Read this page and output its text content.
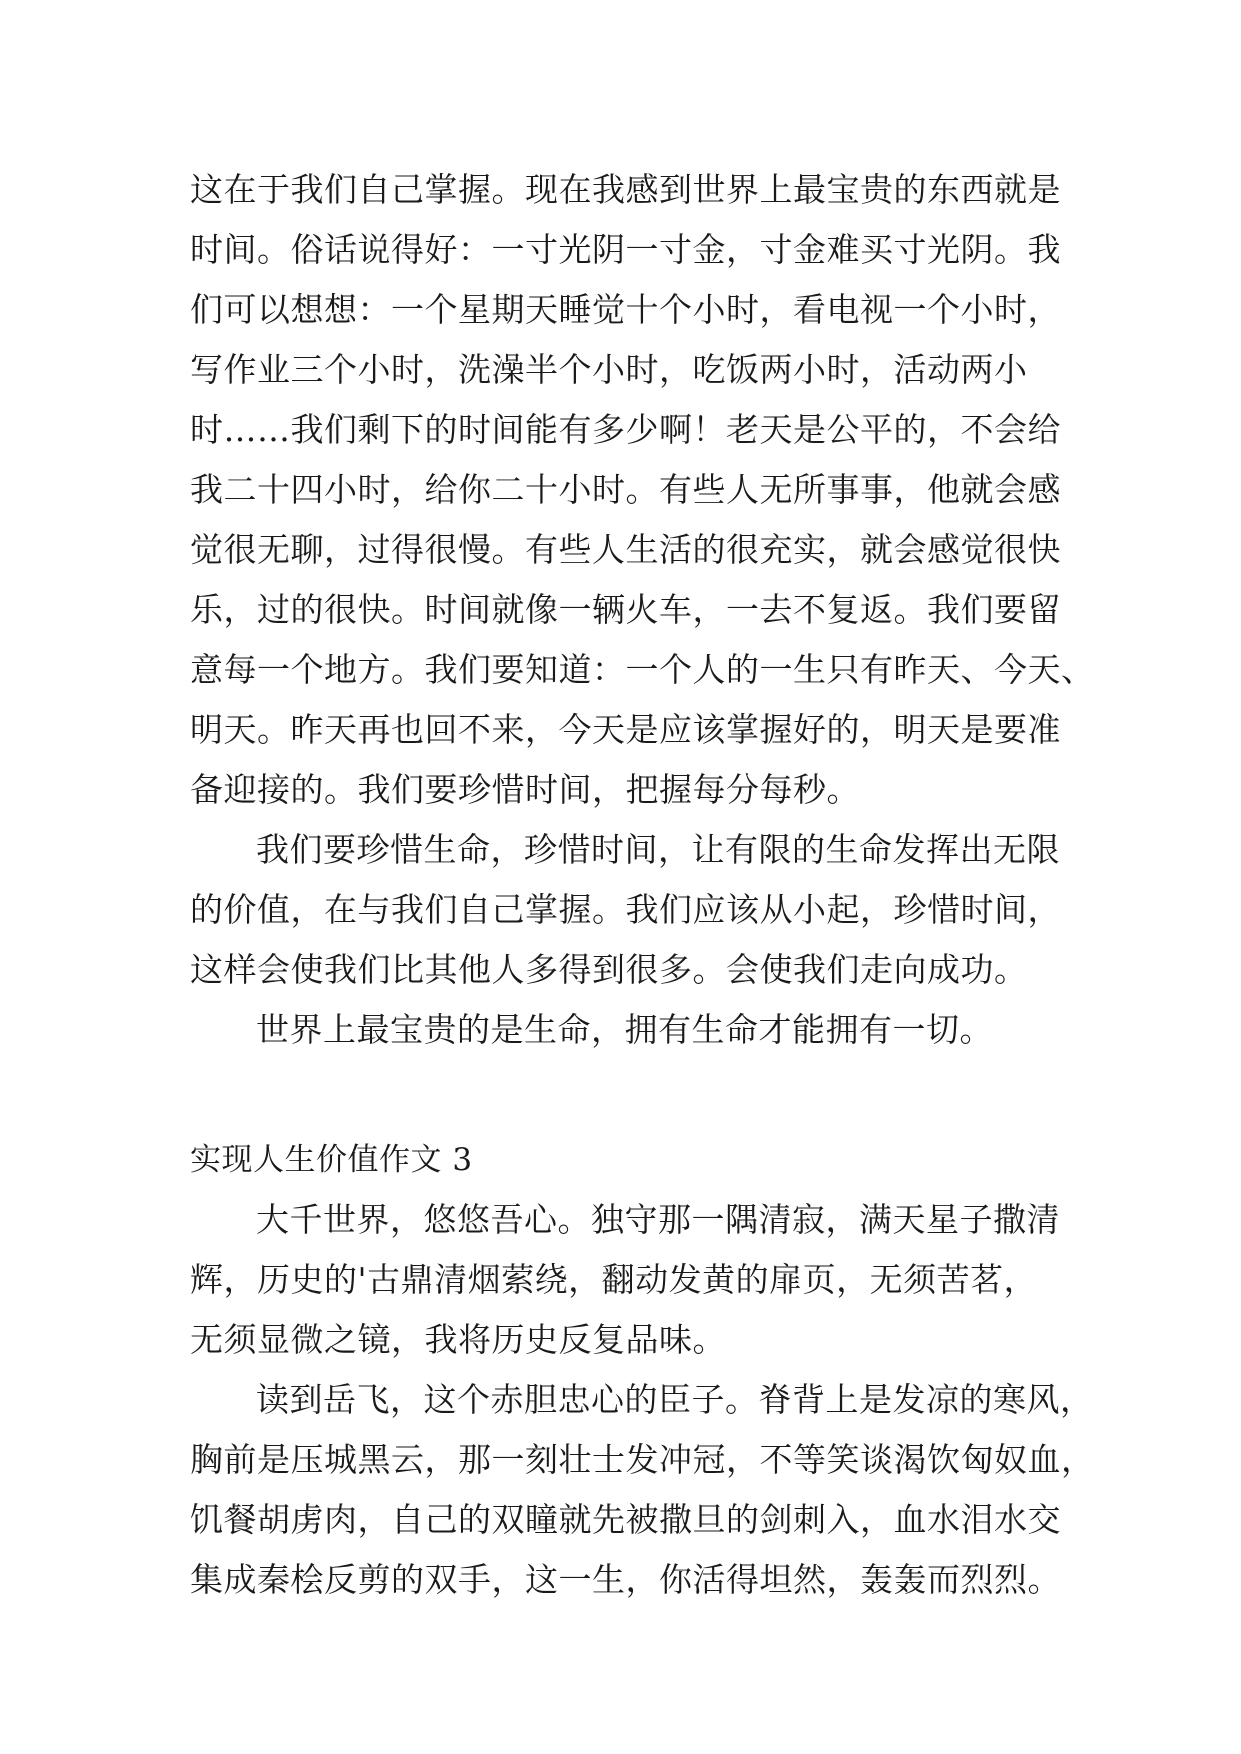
这在于我们自己掌握。现在我感到世界上最宝贵的东西就是
时间。俗话说得好：一寸光阴一寸金，寸金难买寸光阴。我
们可以想想：一个星期天睡觉十个小时，看电视一个小时，
写作业三个小时，洗澡半个小时，吃饭两小时，活动两小
时……我们剩下的时间能有多少啊！老天是公平的，不会给
我二十四小时，给你二十小时。有些人无所事事，他就会感
觉很无聊，过得很慢。有些人生活的很充实，就会感觉很快
乐，过的很快。时间就像一辆火车，一去不复返。我们要留
意每一个地方。我们要知道：一个人的一生只有昨天、今天、
明天。昨天再也回不来，今天是应该掌握好的，明天是要准
备迎接的。我们要珍惜时间，把握每分每秒。
我们要珍惜生命，珍惜时间，让有限的生命发挥出无限
的价值，在与我们自己掌握。我们应该从小起，珍惜时间，
这样会使我们比其他人多得到很多。会使我们走向成功。
世界上最宝贵的是生命，拥有生命才能拥有一切。
实现人生价值作文 3
大千世界，悠悠吾心。独守那一隅清寂，满天星子撒清
辉，历史的'古鼎清烟萦绕，翻动发黄的扉页，无须苦茗，
无须显微之镜，我将历史反复品味。
读到岳飞，这个赤胆忠心的臣子。脊背上是发凉的寒风，
胸前是压城黑云，那一刻壮士发冲冠，不等笑谈渴饮匈奴血，
饥餐胡虏肉，自己的双瞳就先被撒旦的剑刺入，血水泪水交
集成秦桧反剪的双手，这一生，你活得坦然，轰轰而烈烈。
